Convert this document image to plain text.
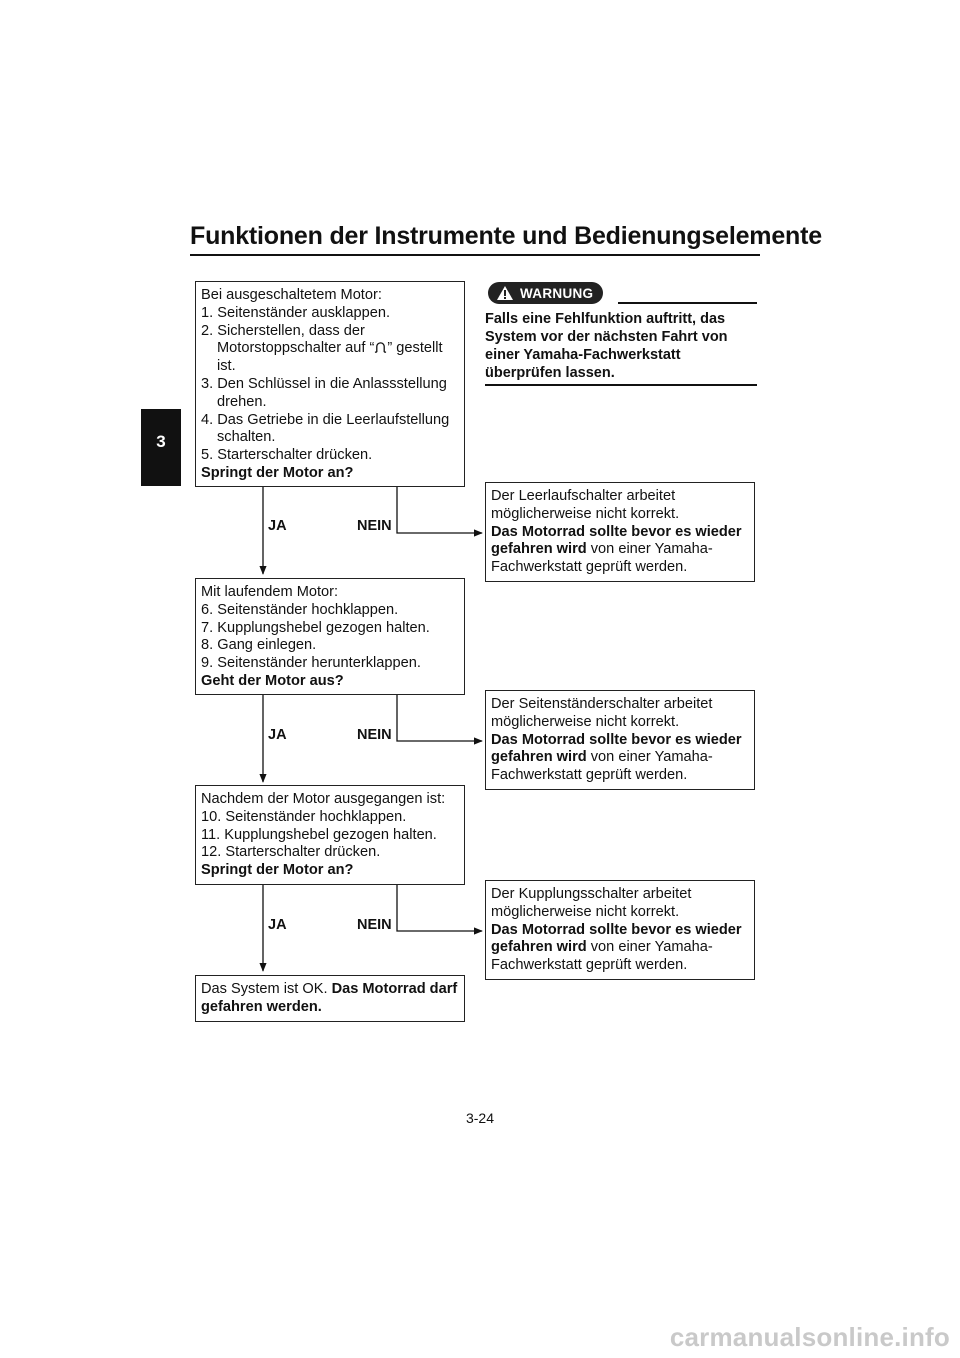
Funktionen der Instrumente und Bedienungselemente
3
Bei ausgeschaltetem Motor:
1. Seitenständer ausklappen.
2. Sicherstellen, dass der
Motorstoppschalter auf “ ” gestellt
ist.
3. Den Schlüssel in die Anlassstellung
drehen.
4. Das Getriebe in die Leerlaufstellung
schalten.
5. Starterschalter drücken.
Springt der Motor an?
JA	NEIN
Der Leerlaufschalter arbeitet
möglicherweise nicht korrekt.
Das Motorrad sollte bevor es wieder
gefahren wird von einer Yamaha-
Fachwerkstatt geprüft werden.
Mit laufendem Motor:
6. Seitenständer hochklappen.
7. Kupplungshebel gezogen halten.
8. Gang einlegen.
9. Seitenständer herunterklappen.
Geht der Motor aus?
JA	NEIN
Der Seitenständerschalter arbeitet
möglicherweise nicht korrekt.
Das Motorrad sollte bevor es wieder
gefahren wird von einer Yamaha-
Fachwerkstatt geprüft werden.
Nachdem der Motor ausgegangen ist:
10. Seitenständer hochklappen.
11. Kupplungshebel gezogen halten.
12. Starterschalter drücken.
Springt der Motor an?
JA	NEIN
Der Kupplungsschalter arbeitet
möglicherweise nicht korrekt.
Das Motorrad sollte bevor es wieder
gefahren wird von einer Yamaha-
Fachwerkstatt geprüft werden.
Das System ist OK. Das Motorrad darf
gefahren werden.
WARNUNG
Falls eine Fehlfunktion auftritt, das
System vor der nächsten Fahrt von
einer Yamaha-Fachwerkstatt
überprüfen lassen.
3-24
carmanualsonline.info
